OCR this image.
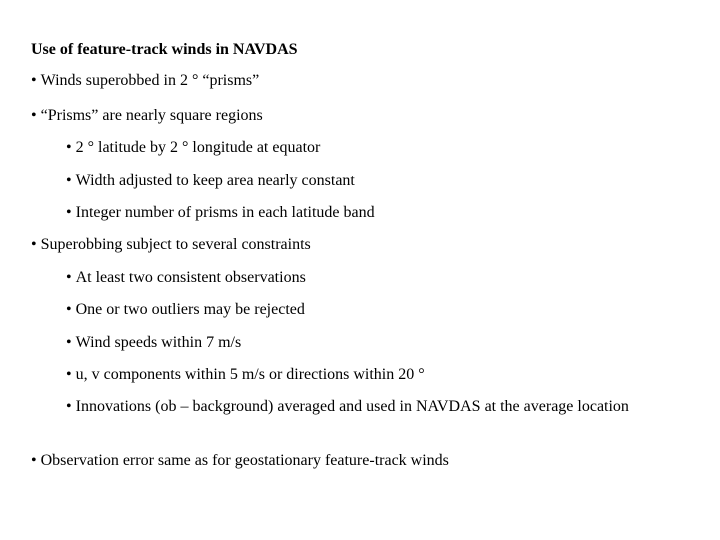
Use of feature-track winds in NAVDAS
• Winds superobbed in 2 ° “prisms”
• “Prisms” are nearly square regions
• 2 ° latitude by 2 ° longitude at equator
• Width adjusted to keep area nearly constant
• Integer number of prisms in each latitude band
• Superobbing subject to several constraints
• At least two consistent observations
• One or two outliers may be rejected
• Wind speeds within 7 m/s
• u, v components within 5 m/s or directions within 20 °
• Innovations (ob – background) averaged and used in NAVDAS at the average location
• Observation error same as for geostationary feature-track winds
